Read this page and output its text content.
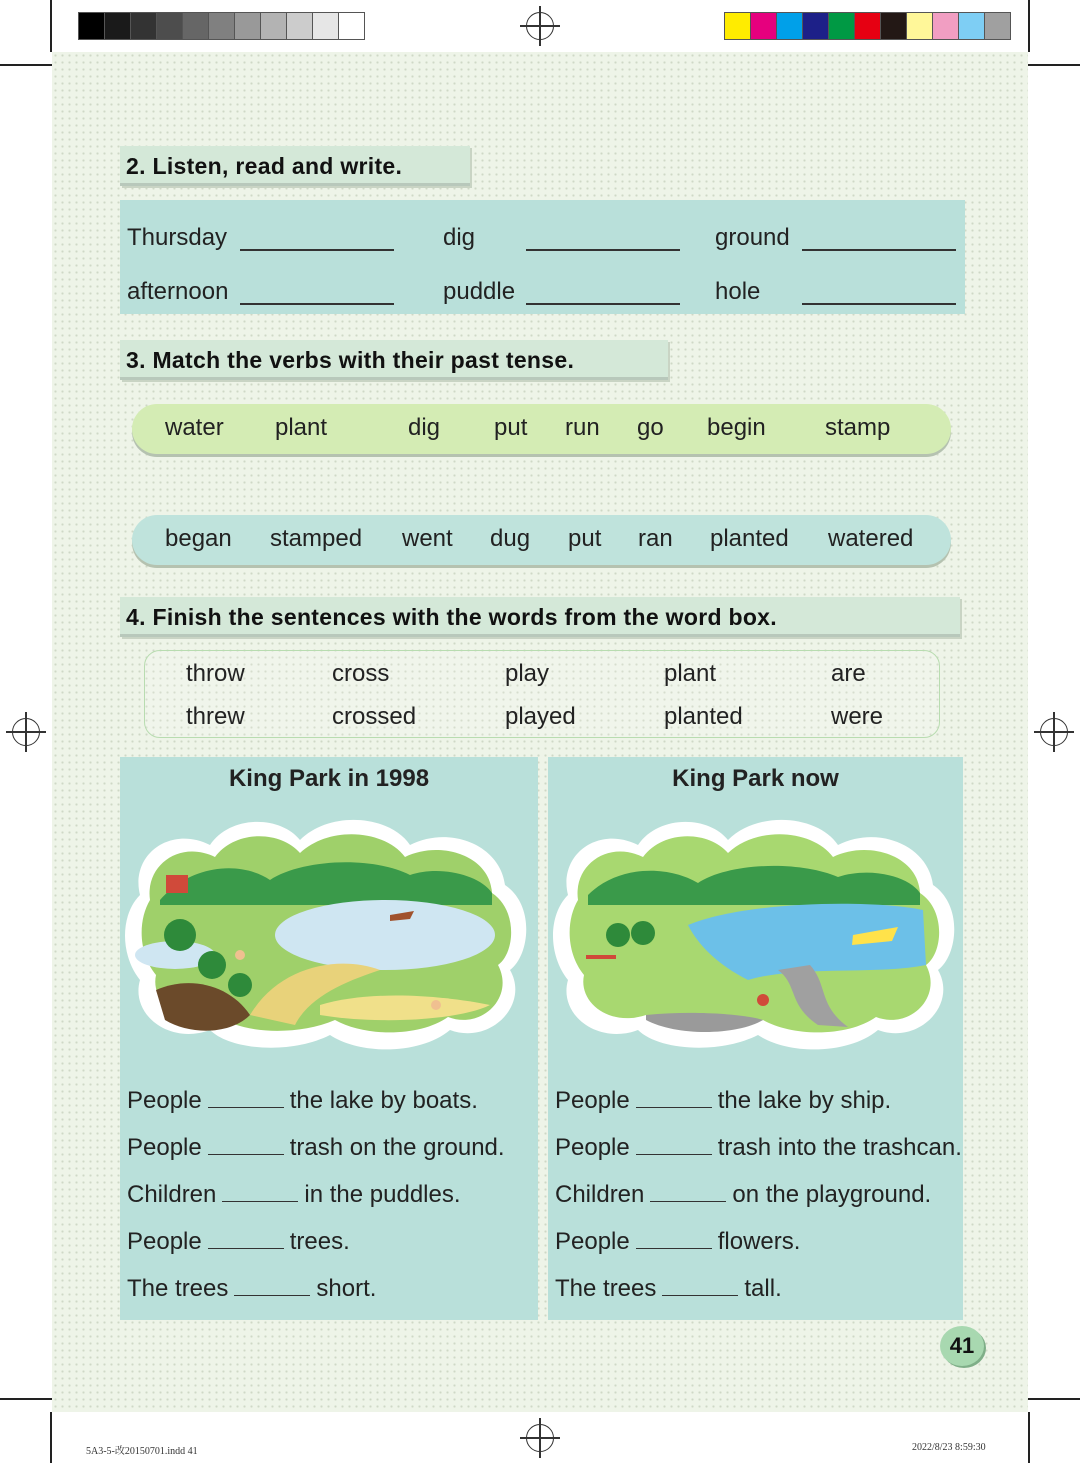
2. Listen, read and write.
Thursday	dig	ground
afternoon	puddle	hole
3. Match the verbs with their past tense.
water plant	dig put run go begin stamp
began stamped went dug put ran planted watered
4. Finish the sentences with the words from the word box.
throw	cross	play	plant	are
threw	crossed	played	planted	were
King Park in 1998
People	the lake by boats.
People	trash on the ground.
Children	in the puddles.
People	trees.
The trees	short.
King Park now
People	the lake by ship.
People	trash into the trashcan.
Children	on the playground.
People	flowers.
The trees	tall.
41
5A3-5-改20150701.indd 41	2022/8/23 8:59:30
